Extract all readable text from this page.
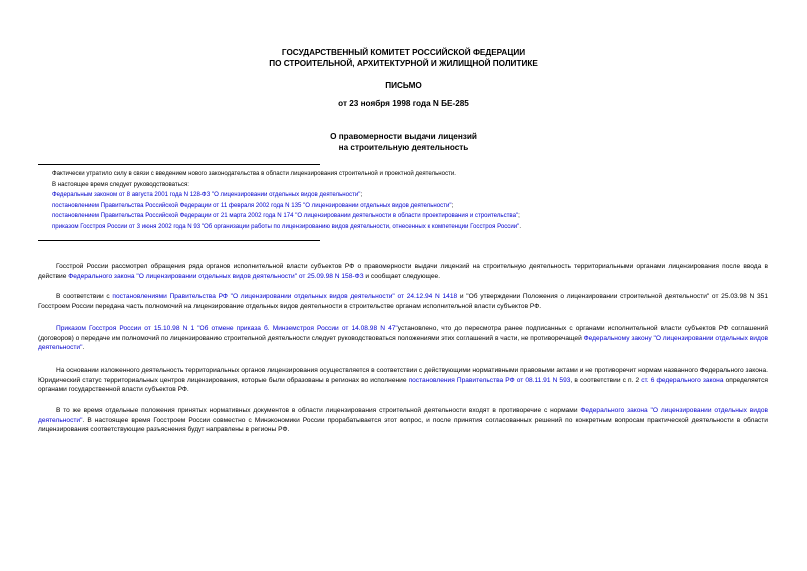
ГОСУДАРСТВЕННЫЙ КОМИТЕТ РОССИЙСКОЙ ФЕДЕРАЦИИ
ПО СТРОИТЕЛЬНОЙ, АРХИТЕКТУРНОЙ И ЖИЛИЩНОЙ ПОЛИТИКЕ
ПИСЬМО
от 23 ноября 1998 года N БЕ-285
О правомерности выдачи лицензий
на строительную деятельность
Фактически утратило силу в связи с введением нового законодательства в области лицензирования строительной и проектной деятельности.
В настоящее время следует руководствоваться:
Федеральным законом от 8 августа 2001 года N 128-ФЗ "О лицензировании отдельных видов деятельности";
постановлением Правительства Российской Федерации от 11 февраля 2002 года N 135 "О лицензировании отдельных видов деятельности";
постановлением Правительства Российской Федерации от 21 марта 2002 года N 174 "О лицензировании деятельности в области проектирования и строительства";
приказом Госстроя России от 3 июня 2002 года N 93 "Об организации работы по лицензированию видов деятельности, отнесенных к компетенции Госстроя России".

Госстрой России рассмотрел обращения ряда органов исполнительной власти субъектов РФ о правомерности выдачи лицензий на строительную деятельность территориальными органами лицензирования после ввода в действие Федерального закона "О лицензировании отдельных видов деятельности" от 25.09.98 N 158-ФЗ и сообщает следующее.

В соответствии с постановлениями Правительства РФ "О лицензировании отдельных видов деятельности" от 24.12.94 N 1418 и "Об утверждении Положения о лицензировании строительной деятельности" от 25.03.98 N 351 Госстроем России передана часть полномочий на лицензирование отдельных видов деятельности в строительстве органам исполнительной власти субъектов РФ.

Приказом Госстроя России от 15.10.98 N 1 "Об отмене приказа б. Минземстроя России от 14.08.98 N 47"установлено, что до пересмотра ранее подписанных с органами исполнительной власти субъектов РФ соглашений (договоров) о передаче им полномочий по лицензированию строительной деятельности следует руководствоваться положениями этих соглашений в части, не противоречащей Федеральному закону "О лицензировании отдельных видов деятельности".

На основании изложенного деятельность территориальных органов лицензирования осуществляется в соответствии с действующими нормативными правовыми актами и не противоречит нормам названного Федерального закона. Юридический статус территориальных центров лицензирования, которые были образованы в регионах во исполнение постановления Правительства РФ от 08.11.91 N 593, в соответствии с п. 2 ст. 6 федерального закона определяется органами государственной власти субъектов РФ.

В то же время отдельные положения принятых нормативных документов в области лицензирования строительной деятельности входят в противоречие с нормами Федерального закона "О лицензировании отдельных видов деятельности". В настоящее время Госстроем России совместно с Минэкономики России прорабатывается этот вопрос, и после принятия согласованных решений по конкретным вопросам практической деятельности в области лицензирования соответствующие разъяснения будут направлены в регионы РФ.
